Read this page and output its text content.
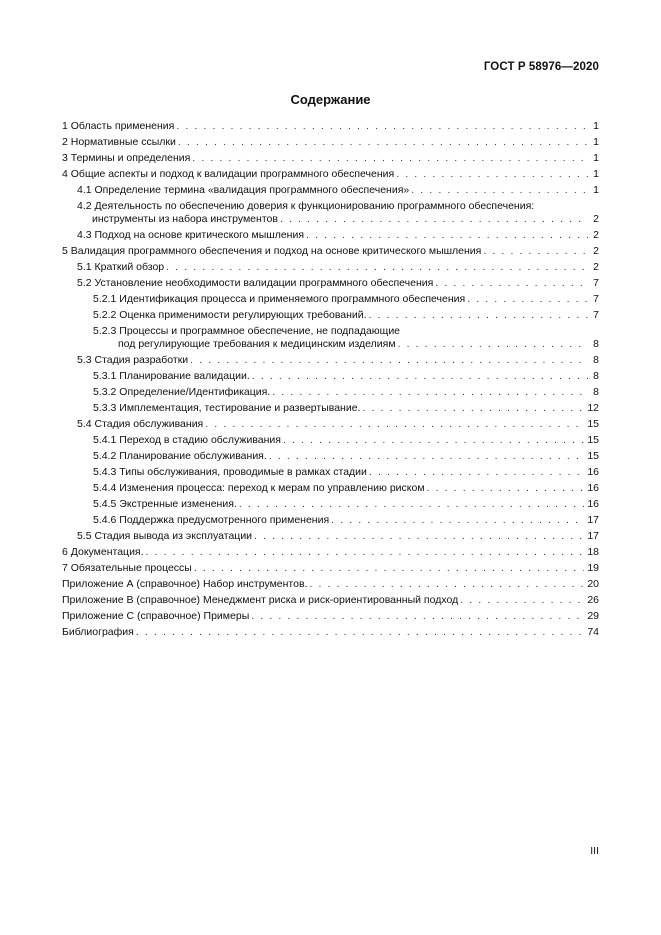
ГОСТ Р 58976—2020
Содержание
1 Область применения . . .	1
2 Нормативные ссылки . . .	1
3 Термины и определения . . .	1
4 Общие аспекты и подход к валидации программного обеспечения . . .	1
4.1 Определение термина «валидация программного обеспечения» . . .	1
4.2 Деятельность по обеспечению доверия к функционированию программного обеспечения:
инструменты из набора инструментов . . .	2
4.3 Подход на основе критического мышления . . .	2
5 Валидация программного обеспечения и подход на основе критического мышления . . .	2
5.1 Краткий обзор . . .	2
5.2 Установление необходимости валидации программного обеспечения . . .	7
5.2.1 Идентификация процесса и применяемого программного обеспечения . . .	7
5.2.2 Оценка применимости регулирующих требований. . . .	7
5.2.3 Процессы и программное обеспечение, не подпадающие
под регулирующие требования к медицинским изделиям . . .	8
5.3 Стадия разработки . . .	8
5.3.1 Планирование валидации. . . .	8
5.3.2 Определение/Идентификация. . . .	8
5.3.3 Имплементация, тестирование и развертывание. . . .	12
5.4 Стадия обслуживания . . .	15
5.4.1 Переход в стадию обслуживания . . .	15
5.4.2 Планирование обслуживания. . . .	15
5.4.3 Типы обслуживания, проводимые в рамках стадии . . .	16
5.4.4 Изменения процесса: переход к мерам по управлению риском . . .	16
5.4.5 Экстренные изменения. . . .	16
5.4.6 Поддержка предусмотренного применения . . .	17
5.5 Стадия вывода из эксплуатации . . .	17
6 Документация. . . .	18
7 Обязательные процессы . . .	19
Приложение А (справочное) Набор инструментов. . . .	20
Приложение В (справочное) Менеджмент риска и риск-ориентированный подход . . .	26
Приложение С (справочное) Примеры . . .	29
Библиография . . .	74
III
